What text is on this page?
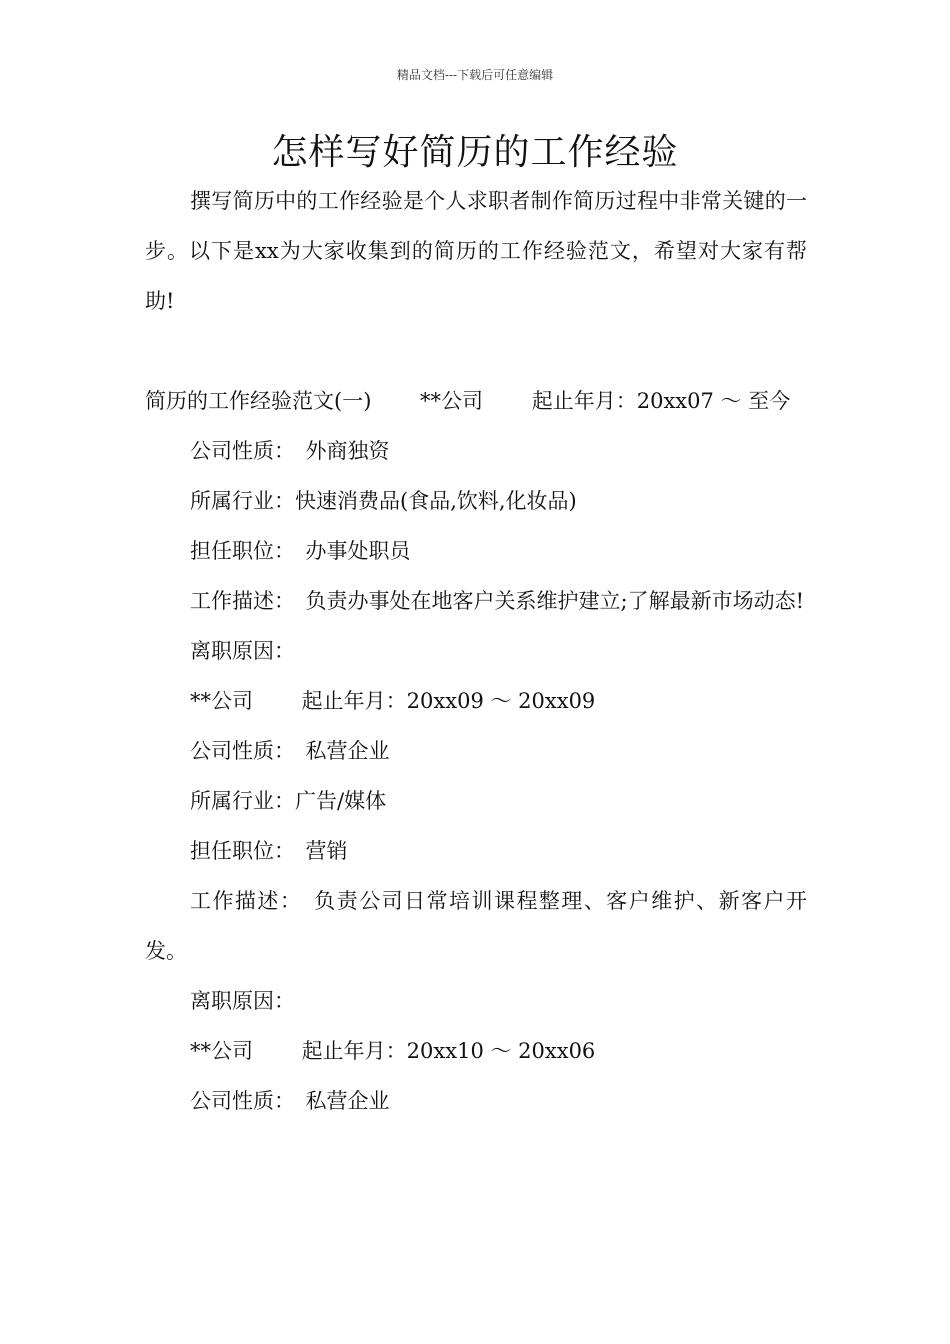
精品文档---下载后可任意编辑
怎样写好简历的工作经验

撰写简历中的工作经验是个人求职者制作简历过程中非常关键的一步。以下是xx为大家收集到的简历的工作经验范文，希望对大家有帮助!

简历的工作经验范文(一)　　 **公司　　 起止年月：20xx07 ～ 至今

公司性质：　外商独资

所属行业：快速消费品(食品,饮料,化妆品)

担任职位：　办事处职员

工作描述：　负责办事处在地客户关系维护建立;了解最新市场动态!

离职原因：

**公司　　 起止年月：20xx09 ～ 20xx09

公司性质：　私营企业

所属行业：广告/媒体

担任职位：　营销

工作描述：　负责公司日常培训课程整理、客户维护、新客户开发。

离职原因：

**公司　　 起止年月：20xx10 ～ 20xx06

公司性质：　私营企业
